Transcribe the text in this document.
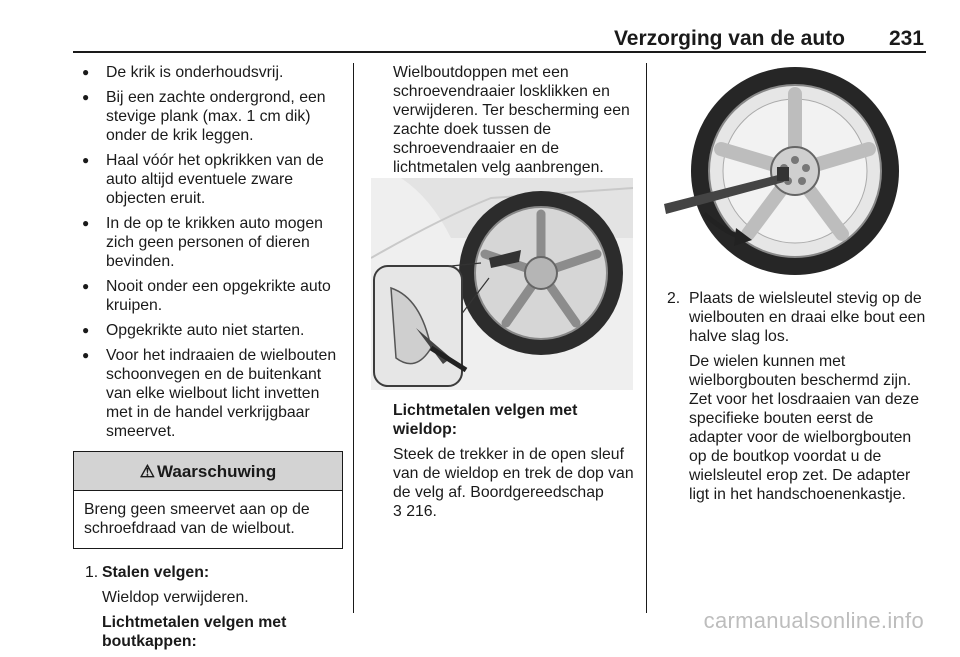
Verzorging van de auto 231
● De krik is onderhoudsvrij.
● Bij een zachte ondergrond, een stevige plank (max. 1 cm dik) onder de krik leggen.
● Haal vóór het opkrikken van de auto altijd eventuele zware objecten eruit.
● In de op te krikken auto mogen zich geen personen of dieren bevinden.
● Nooit onder een opgekrikte auto kruipen.
● Opgekrikte auto niet starten.
● Voor het indraaien de wielbouten schoonvegen en de buitenkant van elke wielbout licht invetten met in de handel verkrijgbaar smeervet.
⚠ Waarschuwing
Breng geen smeervet aan op de schroefdraad van de wielbout.
1. Stalen velgen:

Wieldop verwijderen.

Lichtmetalen velgen met boutkappen:

Wielboutdoppen met een schroevendraaier losklikken en verwijderen. Ter bescherming een zachte doek tussen de schroevendraaier en de lichtmetalen velg aanbrengen.
Lichtmetalen velgen met wieldop:
Steek de trekker in de open sleuf van de wieldop en trek de dop van de velg af. Boordgereedschap
3 216.
2. Plaats de wielsleutel stevig op de wielbouten en draai elke bout een halve slag los.

De wielen kunnen met wielborgbouten beschermd zijn. Zet voor het losdraaien van deze specifieke bouten eerst de adapter voor de wielborgbouten op de boutkop voordat u de wielsleutel erop zet. De adapter ligt in het handschoenenkastje.

carmanualsonline.info
